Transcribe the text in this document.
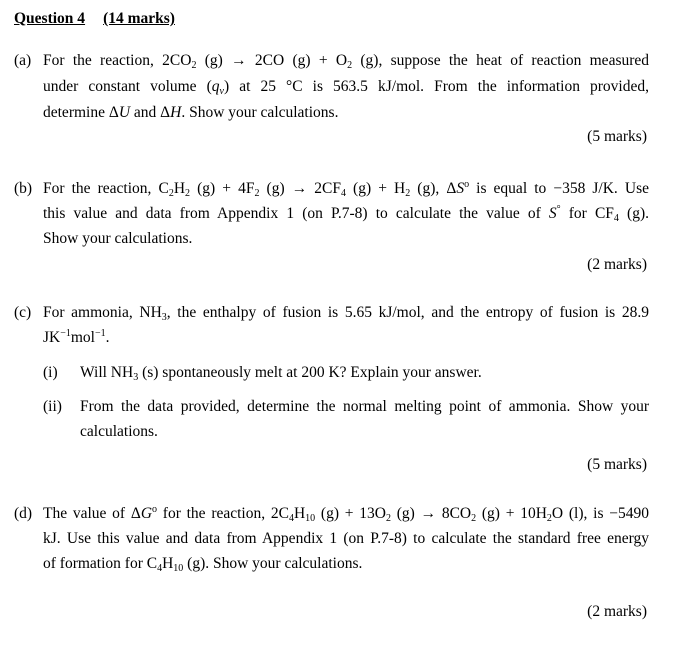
Question 4 (14 marks)
(a) For the reaction, $2CO_2$ (g) → 2CO $(g) + O_2$ (g), suppose the heat of reaction measured
under constant volume $(q_v)$ at 25 °C is 563.5 kJ/mol. From the information provided,
determine ΔU and ΔH. Show your calculations.
(5 marks)
(b) For the reaction, $C_2H_2$ $(g) + 4F_2$ $(g) \to 2CF_4$ $(g) + H_2$ (g), $\Delta S^o$ is equal to −358 J/K. Use
this value and data from Appendix 1 (on P.7-8) to calculate the value of S° for $CF_4$ (g).
Show your calculations.
(2 marks)
(c) For ammonia, $NH_3$, the enthalpy of fusion is 5.65 kJ/mol, and the entropy of fusion is 28.9
$JK^{-1}mol^{-1}$.
(i) Will $NH_3$ (s) spontaneously melt at 200 K? Explain your answer.
(ii) From the data provided, determine the normal melting point of ammonia. Show your
calculations.
(5 marks)
(d) The value of $\Delta G^o$ for the reaction, $2C_4H_{10}$ $(g) + 13O_2$ $(g) \to 8CO_2$ $(g) + 10H_2O$ (l), is −5490
kJ. Use this value and data from Appendix 1 (on P.7-8) to calculate the standard free energy
of formation for $C_4H_{10}$ (g). Show your calculations.
(2 marks)
